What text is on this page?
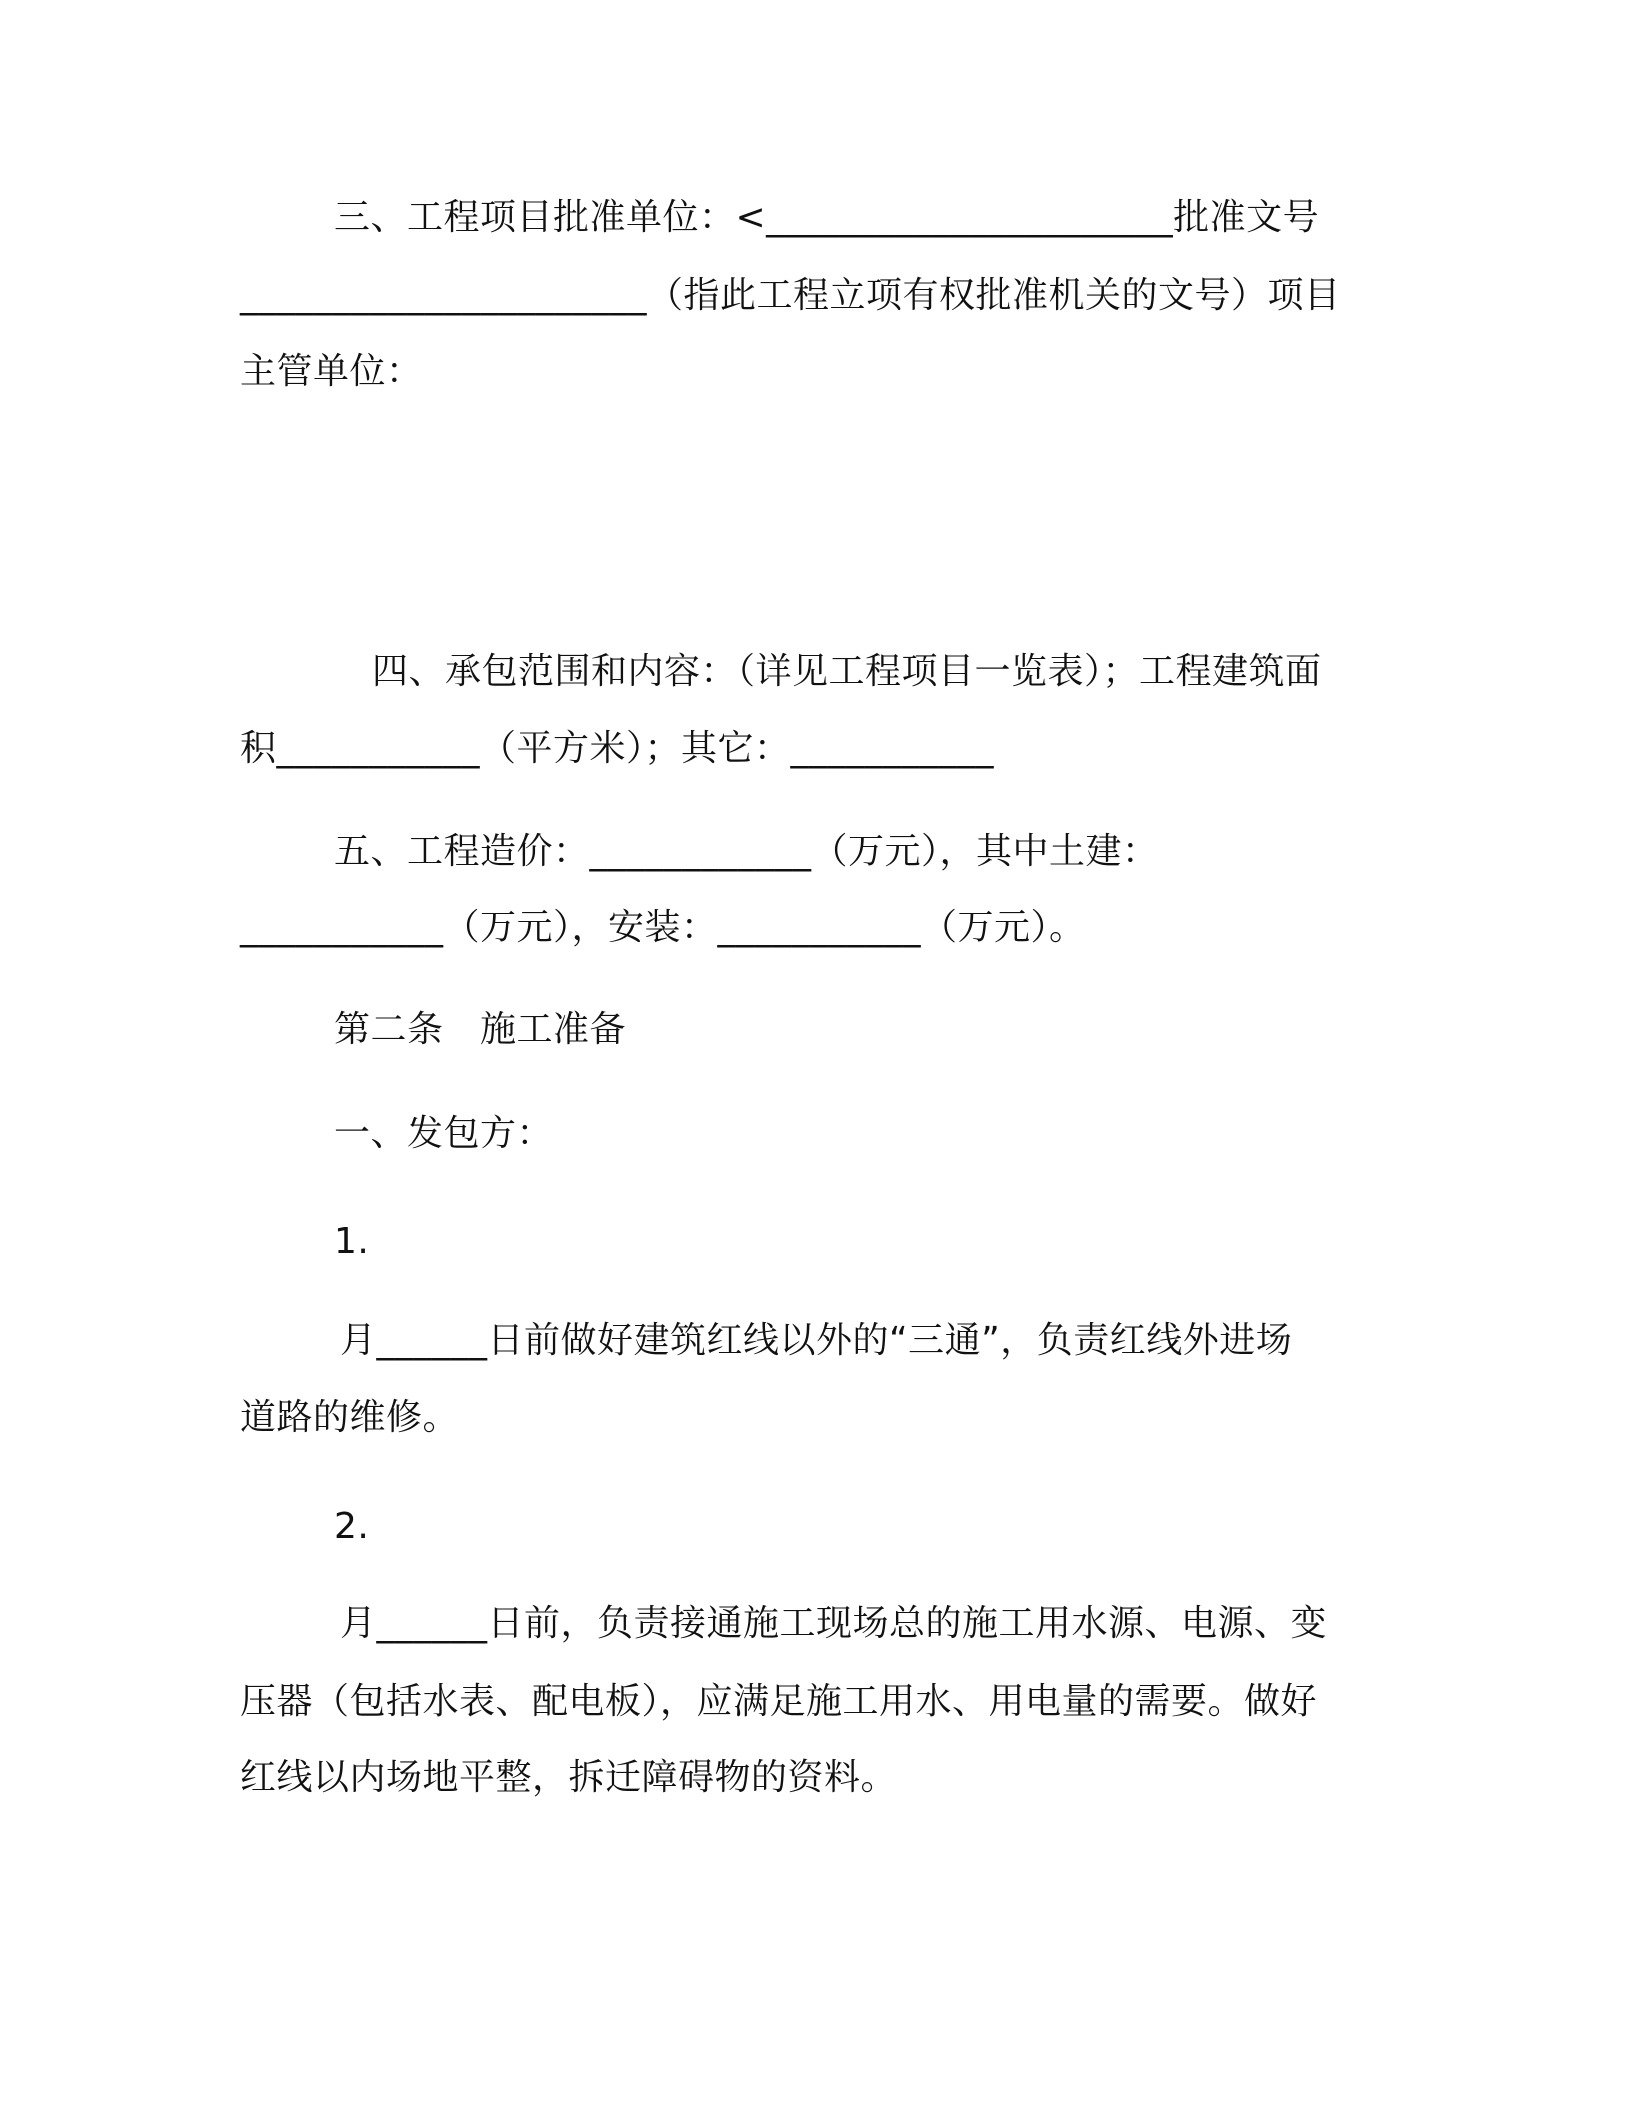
三、工程项目批准单位：<______________________批准文号
______________________（指此工程立项有权批准机关的文号）项目
主管单位：
四、承包范围和内容：（详见工程项目一览表）；工程建筑面
积___________（平方米）；其它：___________
五、工程造价：____________（万元），其中土建：
___________（万元），安装：___________（万元）。
第二条　施工准备
一、发包方：
1.
月______日前做好建筑红线以外的“三通”，负责红线外进场
道路的维修。
2.
月______日前，负责接通施工现场总的施工用水源、电源、变
压器（包括水表、配电板），应满足施工用水、用电量的需要。做好
红线以内场地平整，拆迁障碍物的资料。
